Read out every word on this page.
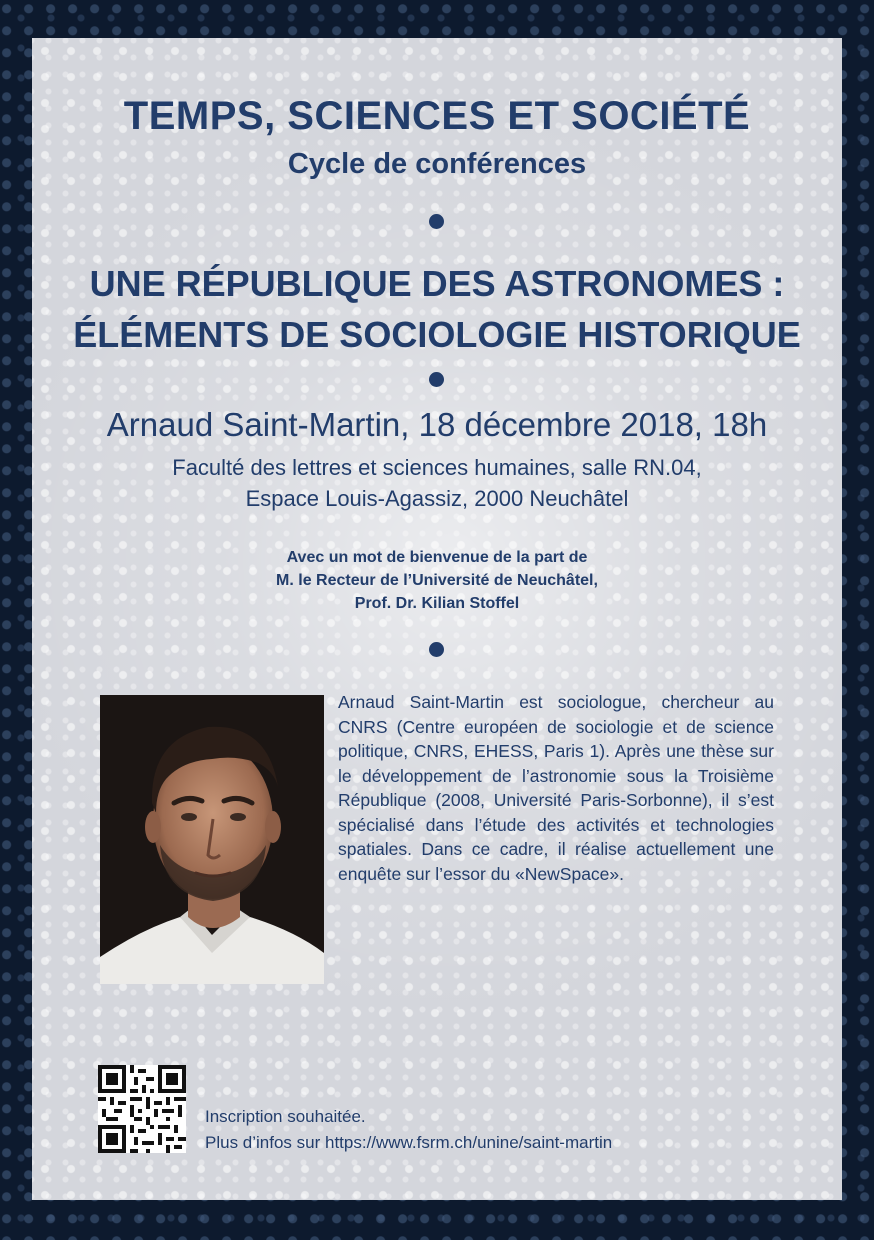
TEMPS, SCIENCES ET SOCIÉTÉ
Cycle de conférences
UNE RÉPUBLIQUE DES ASTRONOMES :
ÉLÉMENTS DE SOCIOLOGIE HISTORIQUE
Arnaud Saint-Martin, 18 décembre 2018, 18h
Faculté des lettres et sciences humaines, salle RN.04,
Espace Louis-Agassiz, 2000 Neuchâtel
Avec un mot de bienvenue de la part de
M. le Recteur de l’Université de Neuchâtel,
Prof. Dr. Kilian Stoffel

Arnaud Saint-Martin est sociologue, chercheur au CNRS (Centre européen de sociologie et de science politique, CNRS, EHESS, Paris 1). Après une thèse sur le développement de l’astronomie sous la Troisième République (2008, Université Paris-Sorbonne), il s’est spécialisé dans l’étude des activités et technologies spatiales. Dans ce cadre, il réalise actuellement une enquête sur l’essor du «NewSpace».

Inscription souhaitée.
Plus d’infos sur https://www.fsrm.ch/unine/saint-martin
